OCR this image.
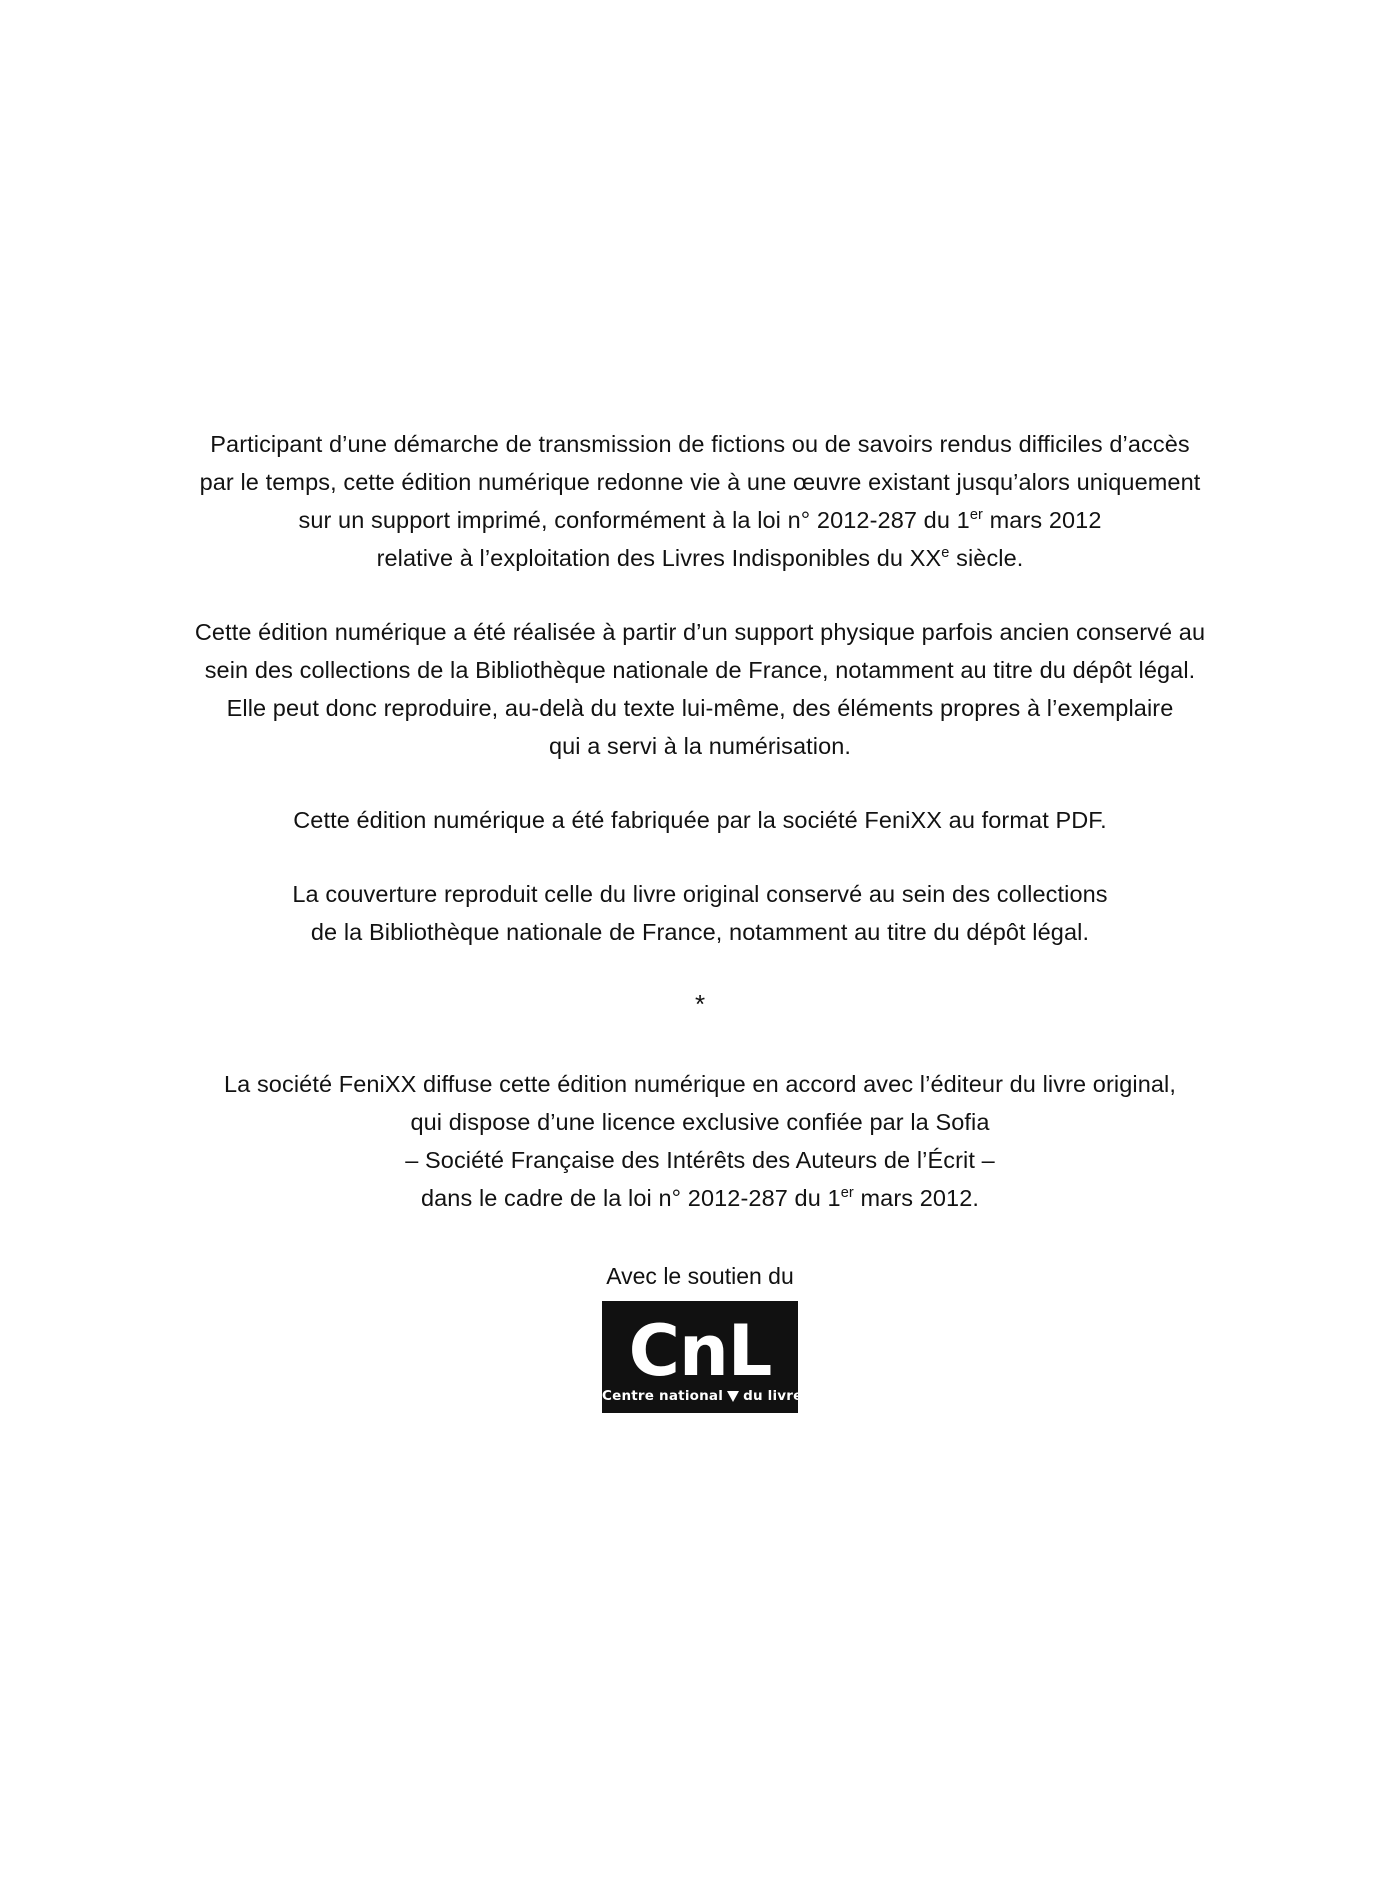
Participant d’une démarche de transmission de fictions ou de savoirs rendus difficiles d’accès
par le temps, cette édition numérique redonne vie à une œuvre existant jusqu’alors uniquement
sur un support imprimé, conformément à la loi n° 2012-287 du 1er mars 2012
relative à l’exploitation des Livres Indisponibles du XXe siècle.

Cette édition numérique a été réalisée à partir d’un support physique parfois ancien conservé au
sein des collections de la Bibliothèque nationale de France, notamment au titre du dépôt légal.
Elle peut donc reproduire, au-delà du texte lui-même, des éléments propres à l’exemplaire
qui a servi à la numérisation.

Cette édition numérique a été fabriquée par la société FeniXX au format PDF.

La couverture reproduit celle du livre original conservé au sein des collections
de la Bibliothèque nationale de France, notamment au titre du dépôt légal.

*

La société FeniXX diffuse cette édition numérique en accord avec l’éditeur du livre original,
qui dispose d’une licence exclusive confiée par la Sofia
– Société Française des Intérêts des Auteurs de l’Écrit –
dans le cadre de la loi n° 2012-287 du 1er mars 2012.

Avec le soutien du
CnL
Centre national du livre
